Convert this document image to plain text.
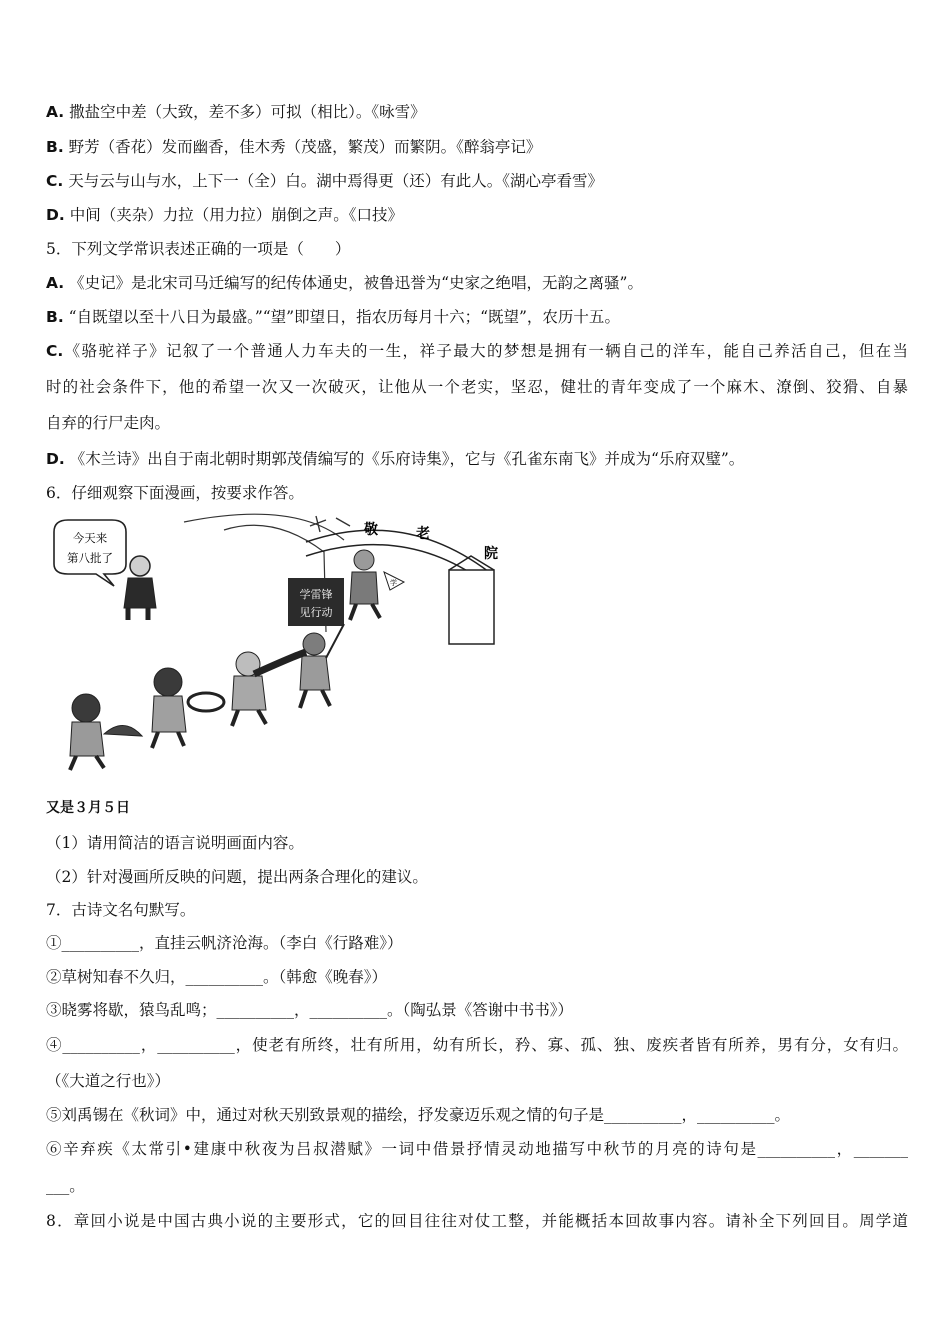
A. 撒盐空中差（大致，差不多）可拟（相比）。《咏雪》
B. 野芳（香花）发而幽香，佳木秀（茂盛，繁茂）而繁阴。《醉翁亭记》
C. 天与云与山与水，上下一（全）白。湖中焉得更（还）有此人。《湖心亭看雪》
D. 中间（夹杂）力拉（用力拉）崩倒之声。《口技》
5．下列文学常识表述正确的一项是（　　）
A. 《史记》是北宋司马迁编写的纪传体通史，被鲁迅誉为“史家之绝唱，无韵之离骚”。
B. “自既望以至十八日为最盛。”“望”即望日，指农历每月十六；“既望”，农历十五。
C.《骆驼祥子》记叙了一个普通人力车夫的一生，祥子最大的梦想是拥有一辆自己的洋车，能自己养活自己，但在当
时的社会条件下，他的希望一次又一次破灭，让他从一个老实，坚忍，健壮的青年变成了一个麻木、潦倒、狡猾、自暴
自弃的行尸走肉。
D. 《木兰诗》出自于南北朝时期郭茂倩编写的《乐府诗集》，它与《孔雀东南飞》并成为“乐府双璧”。
6．仔细观察下面漫画，按要求作答。
今天来
第八批了
敬	老
院
学雷锋
见行动
学
又是３月５日
（1）请用简洁的语言说明画面内容。
（2）针对漫画所反映的问题，提出两条合理化的建议。
7．古诗文名句默写。
①__________，直挂云帆济沧海。（李白《行路难》）
②草树知春不久归，__________。（韩愈《晚春》）
③晓雾将歇，猿鸟乱鸣；__________，__________。（陶弘景《答谢中书书》）
④__________，__________，使老有所终，壮有所用，幼有所长，矜、寡、孤、独、废疾者皆有所养，男有分，女有归。
（《大道之行也》）
⑤刘禹锡在《秋词》中，通过对秋天别致景观的描绘，抒发豪迈乐观之情的句子是__________，__________。
⑥辛弃疾《太常引•建康中秋夜为吕叔潜赋》一词中借景抒情灵动地描写中秋节的月亮的诗句是__________，_______
___。
8．章回小说是中国古典小说的主要形式，它的回目往往对仗工整，并能概括本回故事内容。请补全下列回目。周学道
